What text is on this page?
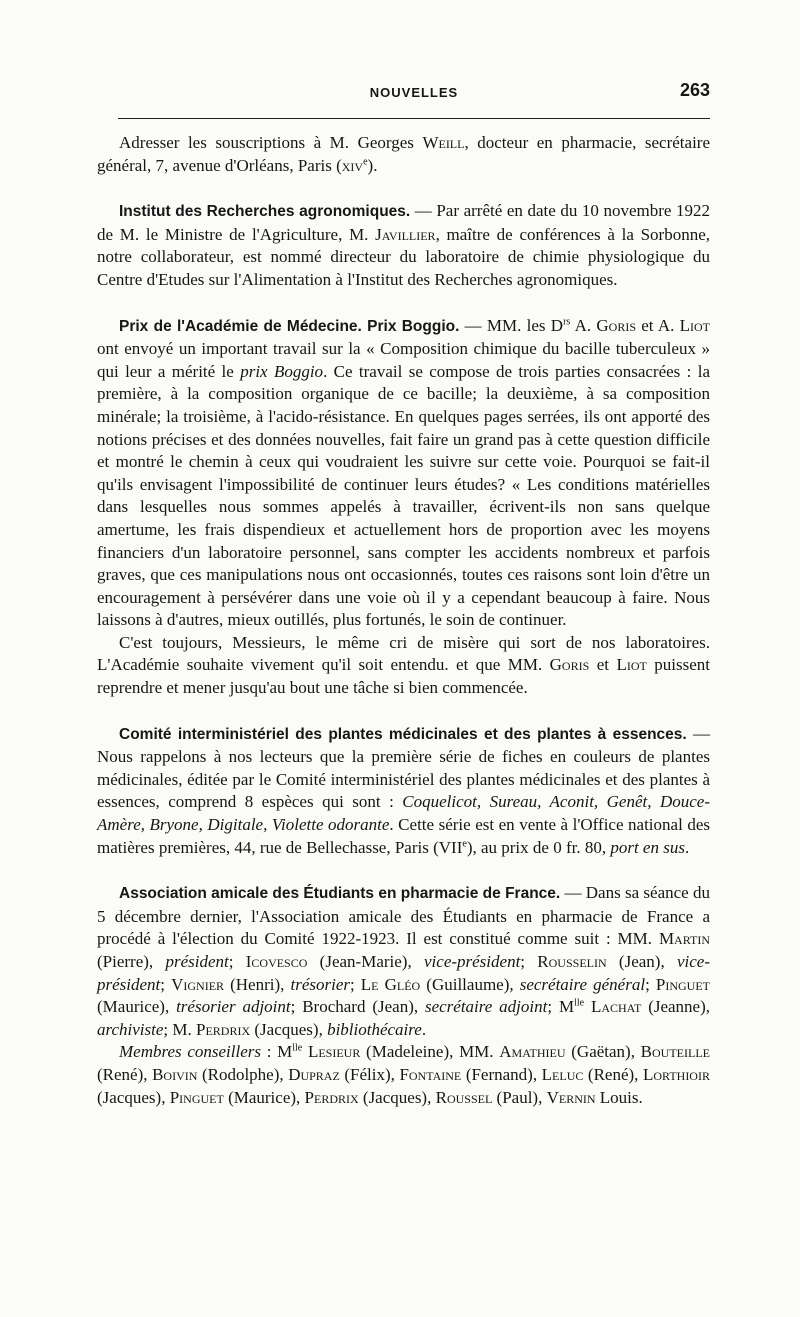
NOUVELLES	263

Adresser les souscriptions à M. Georges Weill, docteur en pharmacie, secrétaire général, 7, avenue d'Orléans, Paris (xiv$^e$).

Institut des Recherches agronomiques. — Par arrêté en date du 10 novembre 1922 de M. le Ministre de l'Agriculture, M. Javillier, maître de conférences à la Sorbonne, notre collaborateur, est nommé directeur du laboratoire de chimie physiologique du Centre d'Etudes sur l'Alimentation à l'Institut des Recherches agronomiques.

Prix de l'Académie de Médecine. Prix Boggio. — MM. les $D^{rs}$ A. Goris et A. Liot ont envoyé un important travail sur la « Composition chimique du bacille tuberculeux » qui leur a mérité le prix Boggio. Ce travail se compose de trois parties consacrées : la première, à la composition organique de ce bacille; la deuxième, à sa composition minérale; la troisième, à l'acido-résistance. En quelques pages serrées, ils ont apporté des notions précises et des données nouvelles, fait faire un grand pas à cette question difficile et montré le chemin à ceux qui voudraient les suivre sur cette voie. Pourquoi se fait-il qu'ils envisagent l'impossibilité de continuer leurs études? « Les conditions matérielles dans lesquelles nous sommes appelés à travailler, écrivent-ils non sans quelque amertume, les frais dispendieux et actuellement hors de proportion avec les moyens financiers d'un laboratoire personnel, sans compter les accidents nombreux et parfois graves, que ces manipulations nous ont occasionnés, toutes ces raisons sont loin d'être un encouragement à persévérer dans une voie où il y a cependant beaucoup à faire. Nous laissons à d'autres, mieux outillés, plus fortunés, le soin de continuer.

C'est toujours, Messieurs, le même cri de misère qui sort de nos laboratoires. L'Académie souhaite vivement qu'il soit entendu. et que MM. Goris et Liot puissent reprendre et mener jusqu'au bout une tâche si bien commencée.

Comité interministériel des plantes médicinales et des plantes à essences. — Nous rappelons à nos lecteurs que la première série de fiches en couleurs de plantes médicinales, éditée par le Comité interministériel des plantes médicinales et des plantes à essences, comprend 8 espèces qui sont : Coquelicot, Sureau, Aconit, Genêt, Douce-Amère, Bryone, Digitale, Violette odorante. Cette série est en vente à l'Office national des matières premières, 44, rue de Bellechasse, Paris (VIIe), au prix de 0 fr. 80, port en sus.

Association amicale des Étudiants en pharmacie de France. — Dans sa séance du 5 décembre dernier, l'Association amicale des Étudiants en pharmacie de France a procédé à l'élection du Comité 1922-1923. Il est constitué comme suit : MM. Martin (Pierre), président; Icovesco (Jean-Marie), vice-président; Rousselin (Jean), vice-président; Vignier (Henri), trésorier; Le Gléo (Guillaume), secrétaire général; Pinguet (Maurice), trésorier adjoint; Brochard (Jean), secrétaire adjoint; $M^{lle}$ Lachat (Jeanne), archiviste; M. Perdrix (Jacques), bibliothécaire.

Membres conseillers : $M^{lle}$ Lesieur (Madeleine), MM. Amathieu (Gaëtan), Bouteille (René), Boivin (Rodolphe), Dupraz (Félix), Fontaine (Fernand), Leluc (René), Lorthioir (Jacques), Pinguet (Maurice), Perdrix (Jacques), Roussel (Paul), Vernin Louis.
